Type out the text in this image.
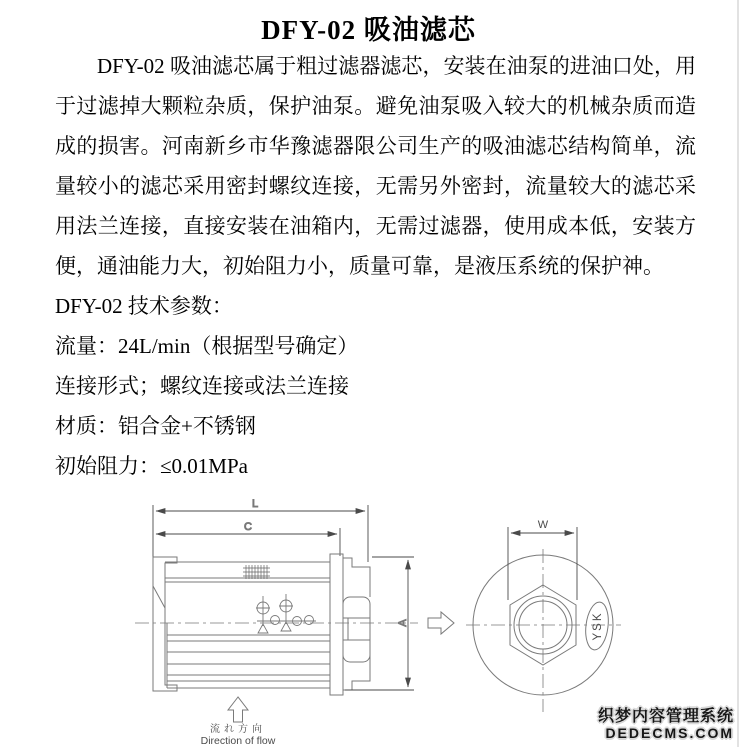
DFY-02 吸油滤芯

DFY-02 吸油滤芯属于粗过滤器滤芯，安装在油泵的进油口处，用于过滤掉大颗粒杂质，保护油泵。避免油泵吸入较大的机械杂质而造成的损害。河南新乡市华豫滤器限公司生产的吸油滤芯结构简单，流量较小的滤芯采用密封螺纹连接，无需另外密封，流量较大的滤芯采用法兰连接，直接安装在油箱内，无需过滤器，使用成本低，安装方便，通油能力大，初始阻力小，质量可靠，是液压系统的保护神。

DFY-02 技术参数：
流量：24L/min（根据型号确定）
连接形式；螺纹连接或法兰连接
材质：铝合金+不锈钢
初始阻力：≤0.01MPa
L
C
A
流れ方向
Direction of flow
W
YSK
织梦内容管理系统
DEDECMS.COM
